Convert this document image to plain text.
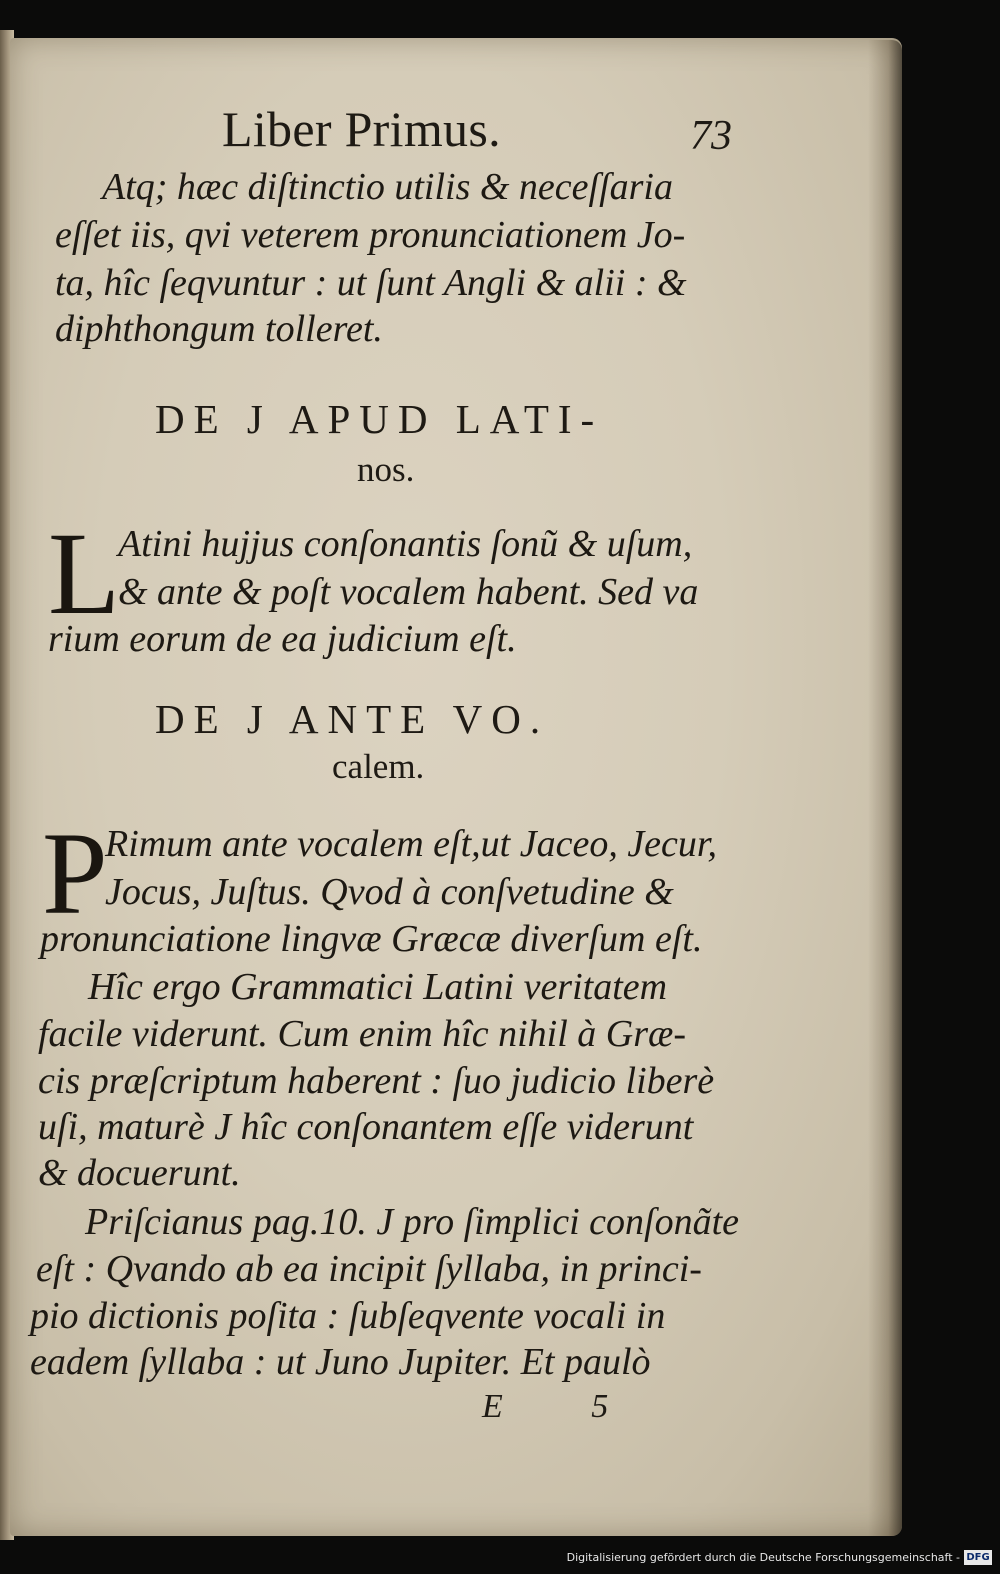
Liber Primus.	73
Atq; hæc diſtinctio utilis & neceſſaria
eſſet iis, qvi veterem pronunciationem Jo-
ta, hîc ſeqvuntur : ut ſunt Angli & alii : &
diphthongum tolleret.
DE J APUD LATI-
nos.
L
Atini hujjus conſonantis ſonũ & uſum,
& ante & poſt vocalem habent. Sed va
rium eorum de ea judicium eſt.
DE J ANTE VO.
calem.
P
Rimum ante vocalem eſt,ut Jaceo, Jecur,
Jocus, Juſtus. Qvod à conſvetudine &
pronunciatione lingvæ Græcæ diverſum eſt.
Hîc ergo Grammatici Latini veritatem
facile viderunt. Cum enim hîc nihil à Græ-
cis præſcriptum haberent : ſuo judicio liberè
uſi, maturè J hîc conſonantem eſſe viderunt
& docuerunt.
Priſcianus pag.10. J pro ſimplici conſonãte
eſt : Qvando ab ea incipit ſyllaba, in princi-
pio dictionis poſita : ſubſeqvente vocali in
eadem ſyllaba : ut Juno Jupiter. Et paulò
E 5
Digitalisierung gefördert durch die Deutsche Forschungsgemeinschaft - DFG
